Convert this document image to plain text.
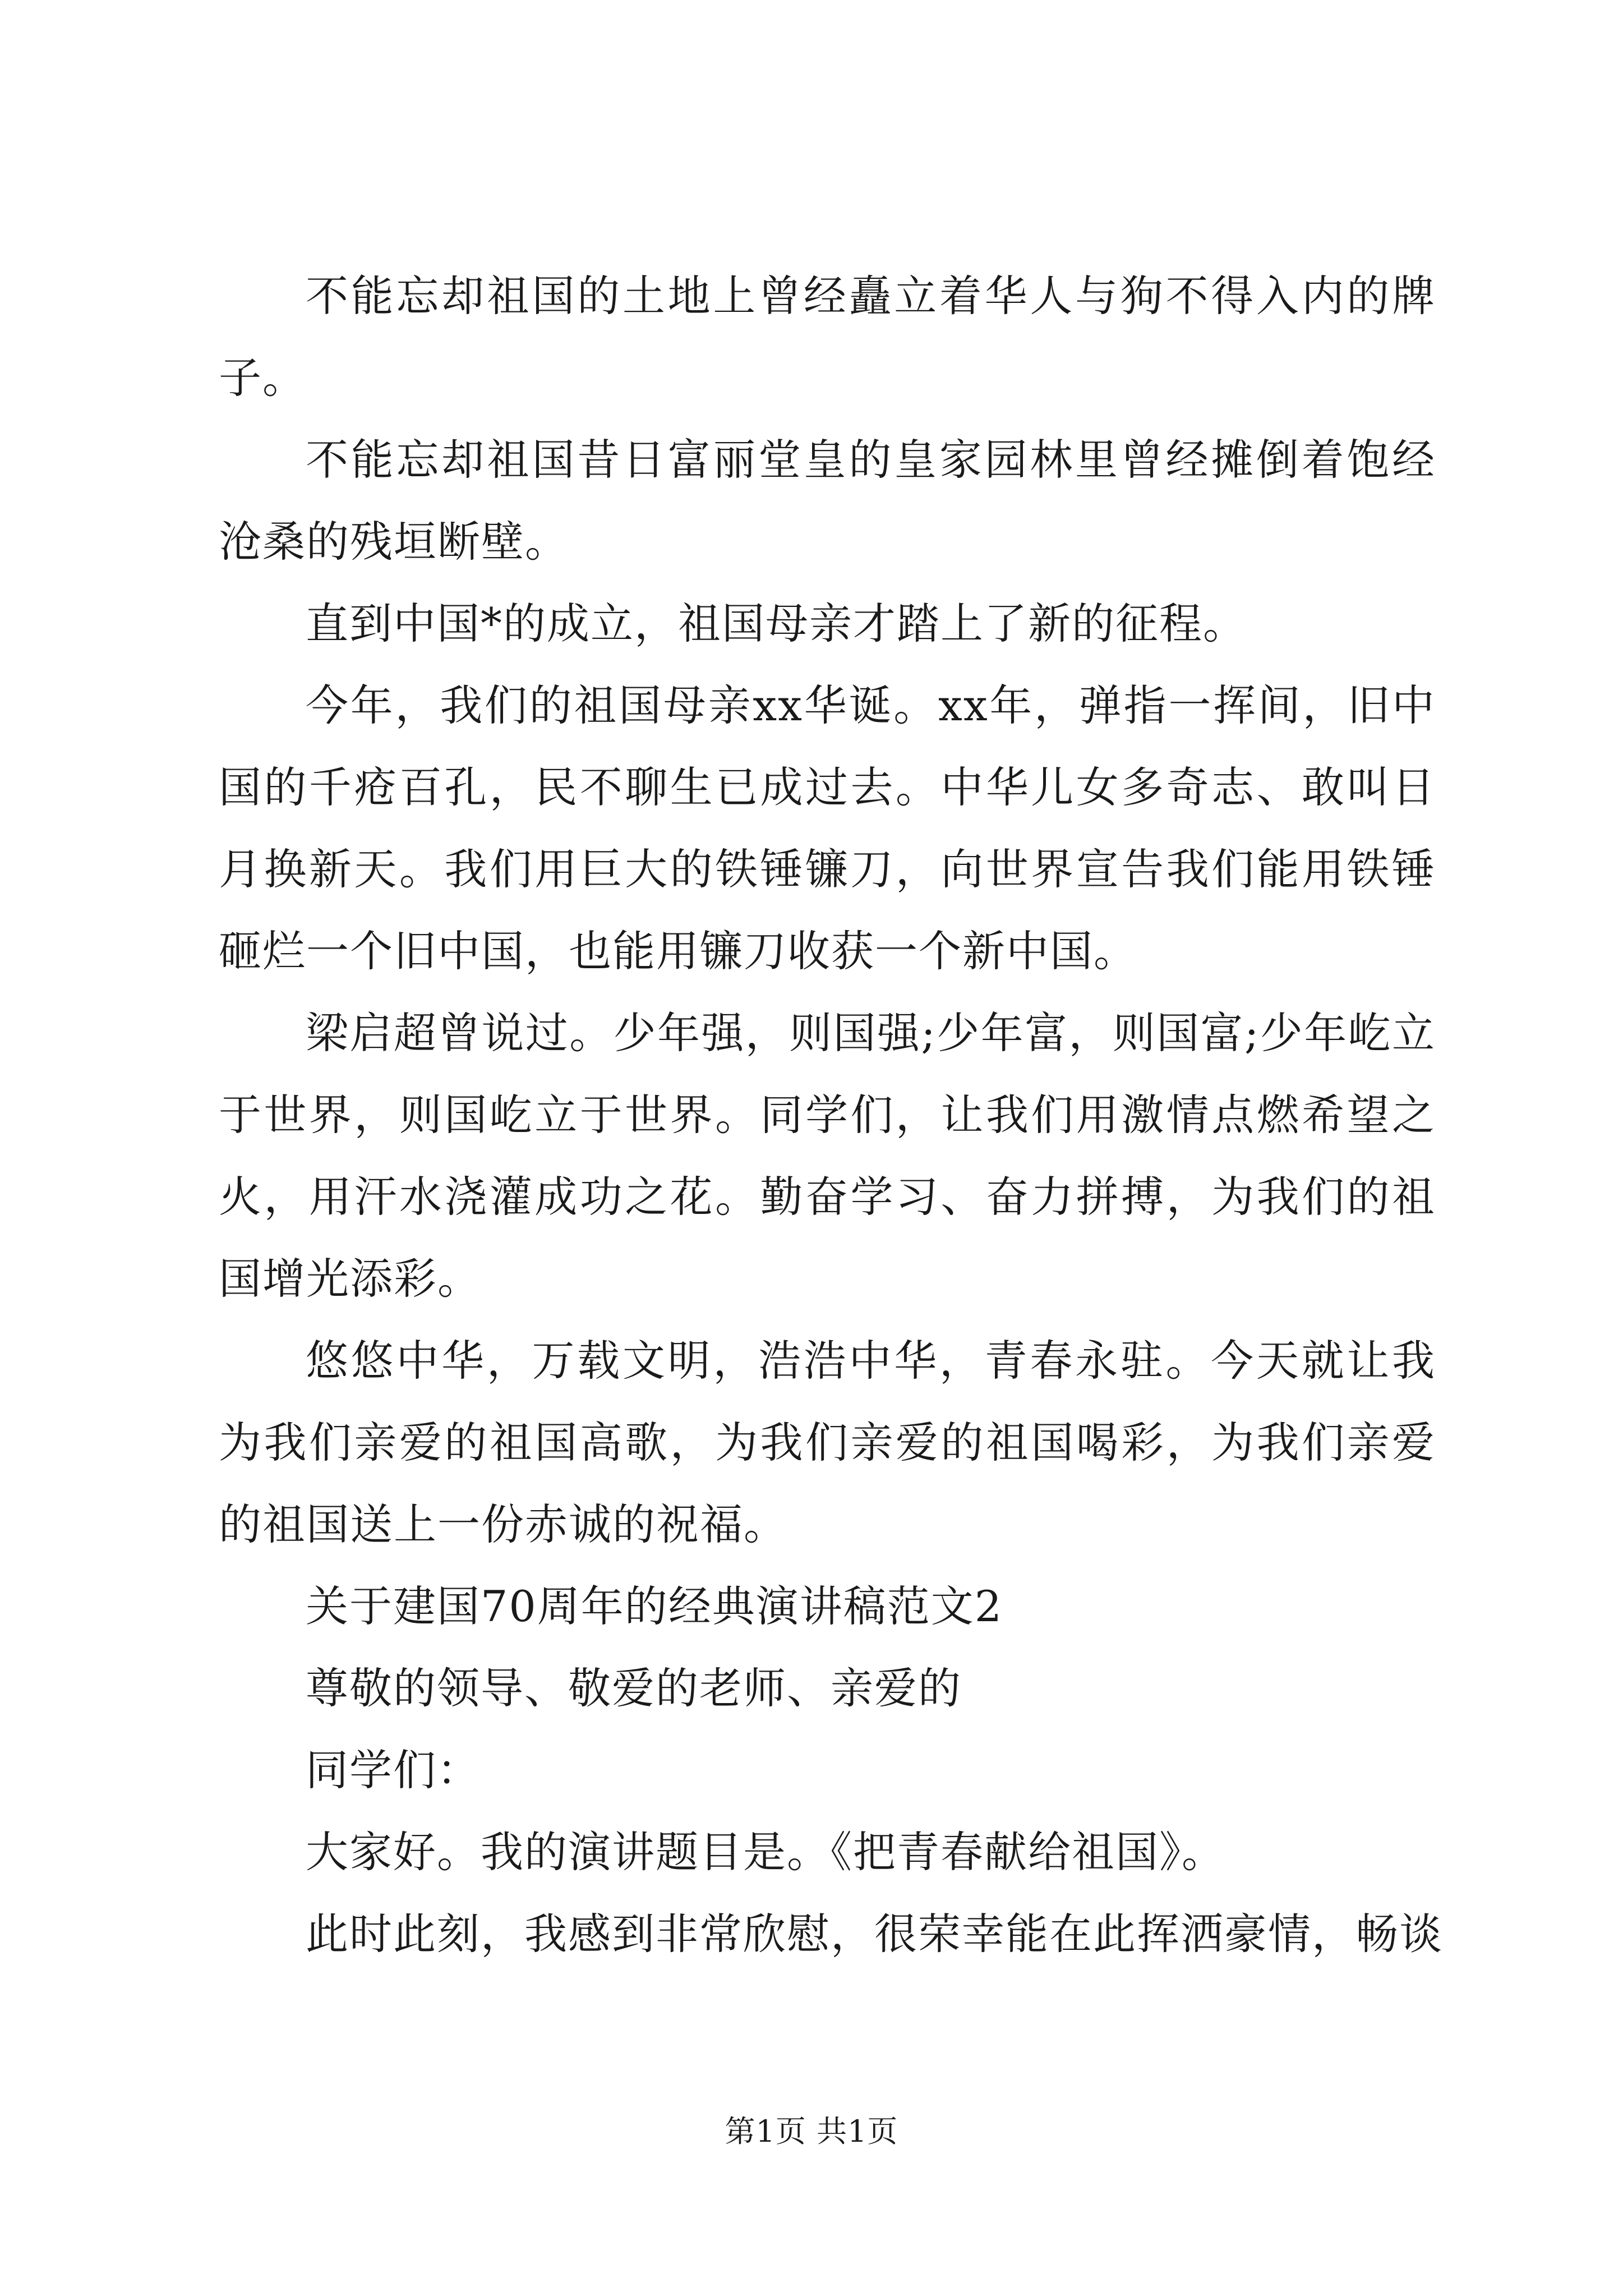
不能忘却祖国的土地上曾经矗立着华人与狗不得入内的牌子。

不能忘却祖国昔日富丽堂皇的皇家园林里曾经摊倒着饱经沧桑的残垣断壁。

直到中国*的成立，祖国母亲才踏上了新的征程。

今年，我们的祖国母亲xx华诞。xx年，弹指一挥间，旧中国的千疮百孔，民不聊生已成过去。中华儿女多奇志、敢叫日月换新天。我们用巨大的铁锤镰刀，向世界宣告我们能用铁锤砸烂一个旧中国，也能用镰刀收获一个新中国。

梁启超曾说过。少年强，则国强;少年富，则国富;少年屹立于世界，则国屹立于世界。同学们，让我们用激情点燃希望之火，用汗水浇灌成功之花。勤奋学习、奋力拼搏，为我们的祖国增光添彩。

悠悠中华，万载文明，浩浩中华，青春永驻。今天就让我为我们亲爱的祖国高歌，为我们亲爱的祖国喝彩，为我们亲爱的祖国送上一份赤诚的祝福。

关于建国70周年的经典演讲稿范文2

尊敬的领导、敬爱的老师、亲爱的

同学们：

大家好。我的演讲题目是。《把青春献给祖国》。

此时此刻，我感到非常欣慰，很荣幸能在此挥洒豪情，畅谈

第1页 共1页
